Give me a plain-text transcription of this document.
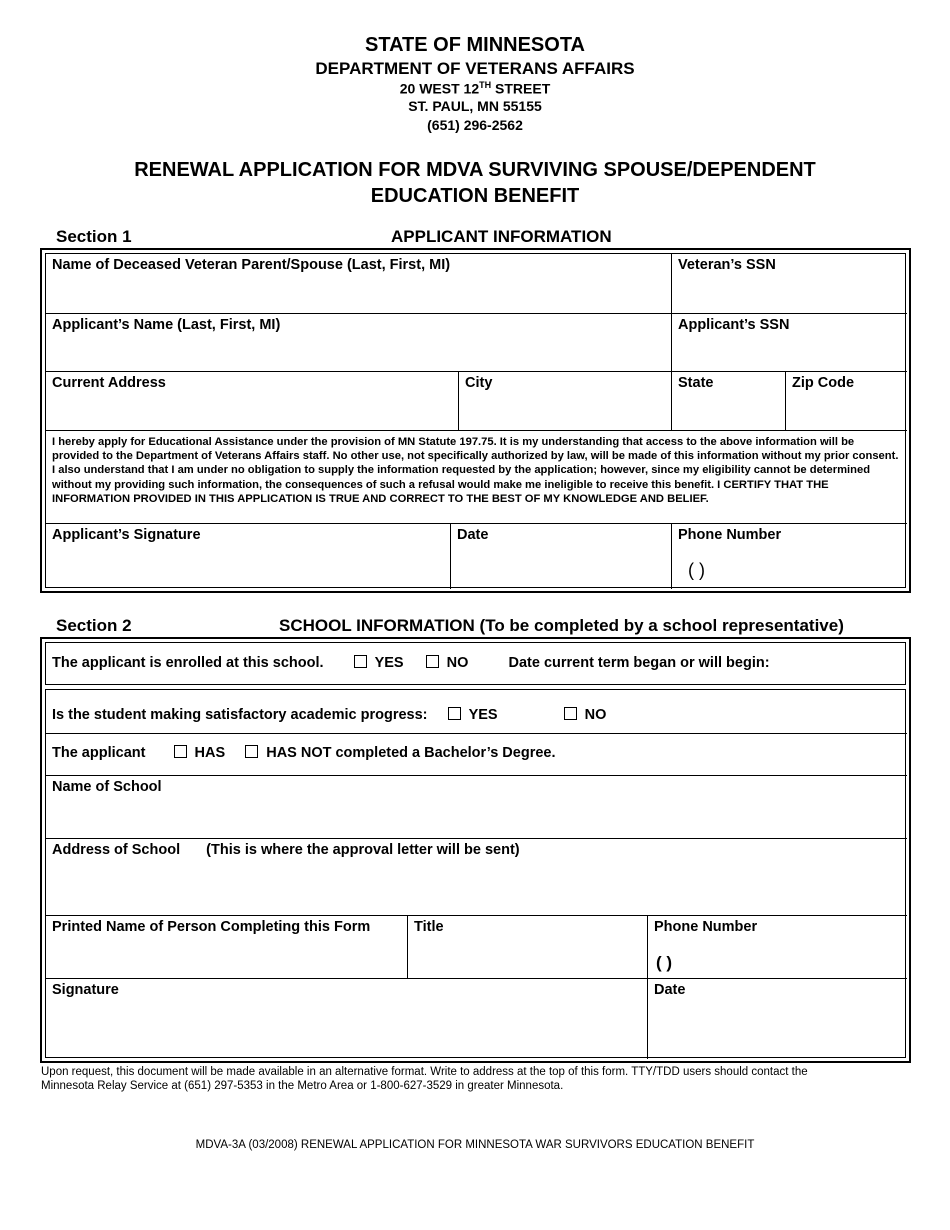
STATE OF MINNESOTA
DEPARTMENT OF VETERANS AFFAIRS
20 WEST 12TH STREET
ST. PAUL, MN 55155
(651) 296-2562
RENEWAL APPLICATION FOR MDVA SURVIVING SPOUSE/DEPENDENT
EDUCATION BENEFIT
Section 1	APPLICANT INFORMATION
Name of Deceased Veteran Parent/Spouse (Last, First, MI)	Veteran’s SSN
Applicant’s Name (Last, First, MI)	Applicant’s SSN
Current Address	City	State	Zip Code
I hereby apply for Educational Assistance under the provision of MN Statute 197.75. It is my understanding that access to the above information will be provided to the Department of Veterans Affairs staff. No other use, not specifically authorized by law, will be made of this information without my prior consent. I also understand that I am under no obligation to supply the information requested by the application; however, since my eligibility cannot be determined without my providing such information, the consequences of such a refusal would make me ineligible to receive this benefit. I CERTIFY THAT THE INFORMATION PROVIDED IN THIS APPLICATION IS TRUE AND CORRECT TO THE BEST OF MY KNOWLEDGE AND BELIEF.
Applicant’s Signature	Date	Phone Number
( )
Section 2	SCHOOL INFORMATION (To be completed by a school representative)
The applicant is enrolled at this school.	YES	NO	Date current term began or will begin:
Is the student making satisfactory academic progress:	YES	NO
The applicant	HAS	HAS NOT completed a Bachelor’s Degree.
Name of School
Address of School (This is where the approval letter will be sent)
Printed Name of Person Completing this Form	Title	Phone Number
( )
Signature	Date
Upon request, this document will be made available in an alternative format. Write to address at the top of this form. TTY/TDD users should contact the
Minnesota Relay Service at (651) 297-5353 in the Metro Area or 1-800-627-3529 in greater Minnesota.
MDVA-3A (03/2008) RENEWAL APPLICATION FOR MINNESOTA WAR SURVIVORS EDUCATION BENEFIT
